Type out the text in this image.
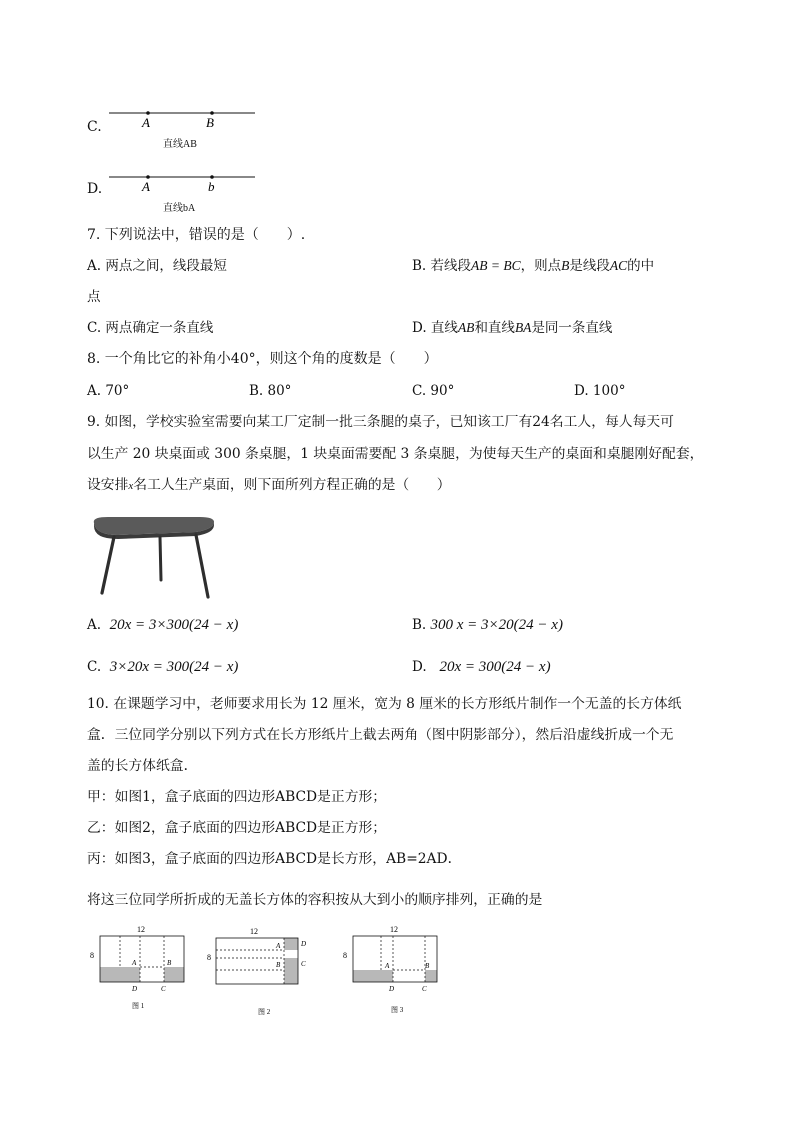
C.	A	B
直线AB
D.	A	b
直线bA
7. 下列说法中，错误的是（　　）.
A. 两点之间，线段最短	B. 若线段AB = BC，则点B是线段AC的中
点
C. 两点确定一条直线	D. 直线AB和直线BA是同一条直线
8. 一个角比它的补角小40°，则这个角的度数是（　　）
A. 70°	B. 80°	C. 90°	D. 100°
9. 如图，学校实验室需要向某工厂定制一批三条腿的桌子，已知该工厂有24名工人，每人每天可
以生产 20 块桌面或 300 条桌腿，1 块桌面需要配 3 条桌腿，为使每天生产的桌面和桌腿刚好配套，
设安排x名工人生产桌面，则下面所列方程正确的是（　　）
A. 20x = 3×300(24 − x)	B. 300 x = 3×20(24 − x)
C. 3×20x = 300(24 − x)	D. 20x = 300(24 − x)
10. 在课题学习中，老师要求用长为 12 厘米，宽为 8 厘米的长方形纸片制作一个无盖的长方体纸
盒．三位同学分别以下列方式在长方形纸片上截去两角（图中阴影部分），然后沿虚线折成一个无
盖的长方体纸盒．
甲：如图1，盒子底面的四边形ABCD是正方形；
乙：如图2，盒子底面的四边形ABCD是正方形；
丙：如图3，盒子底面的四边形ABCD是长方形，AB=2AD．
将这三位同学所折成的无盖长方体的容积按从大到小的顺序排列，正确的是
12
8
A	B
D	C
图 1
12
8
A	D
B	C
图 2
12
8
A	B
D	C
图 3
